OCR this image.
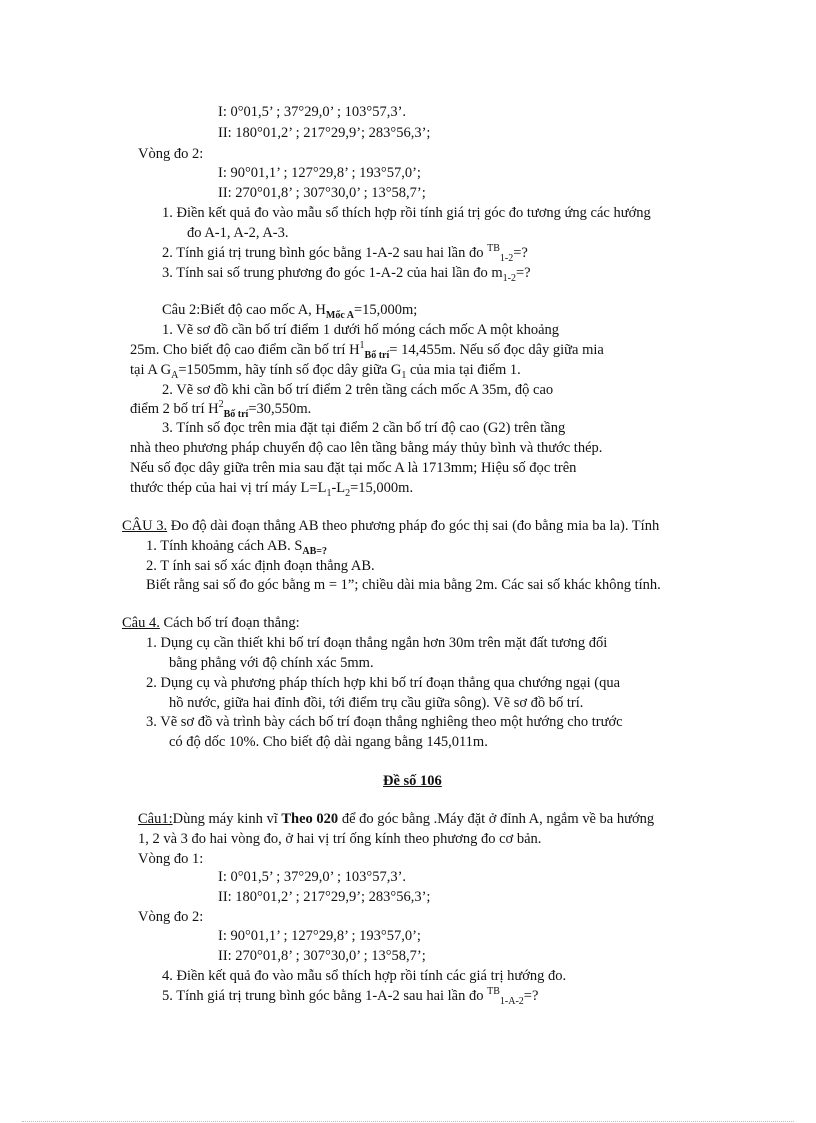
I: 0°01,5’ ; 37°29,0’ ; 103°57,3’.
II: 180°01,2’ ; 217°29,9’; 283°56,3’;
Vòng đo 2:
I: 90°01,1’ ; 127°29,8’ ; 193°57,0’;
II: 270°01,8’ ; 307°30,0’ ; 13°58,7’;
1. Điền kết quả đo vào mẫu sổ thích hợp rồi tính giá trị góc đo tương ứng các hướng
đo A-1, A-2, A-3.
2. Tính giá trị trung bình góc bằng 1-A-2 sau hai lần đo $^{TB}_{1-2}$=?
3. Tính sai số trung phương đo góc 1-A-2 của hai lần đo $m_{1-2}=$?
Câu 2:Biết độ cao mốc A, $H_{Mốc A}=15,000m$;
1. Vẽ sơ đồ cần bố trí điểm 1 dưới hố móng cách mốc A một khoảng
25m. Cho biết độ cao điểm cần bố trí $H^1_{Bố trí}= 14,455m$. Nếu số đọc dây giữa mia
tại A $G_A=1505mm$, hãy tính số đọc dây giữa $G_1$ của mia tại điểm 1.
2. Vẽ sơ đồ khi cần bố trí điểm 2 trên tầng cách mốc A 35m, độ cao
điểm 2 bố trí $H^2_{Bố trí}=30,550m$.
3. Tính số đọc trên mia đặt tại điểm 2 cần bố trí độ cao (G2) trên tầng
nhà theo phương pháp chuyển độ cao lên tầng bằng máy thủy bình và thước thép.
Nếu số đọc dây giữa trên mia sau đặt tại mốc A là 1713mm; Hiệu số đọc trên
thước thép của hai vị trí máy $L=L_1-L_2=15,000m$.
CÂU 3. Đo độ dài đoạn thẳng AB theo phương pháp đo góc thị sai (đo bằng mia ba la). Tính
1. Tính khoảng cách AB. $S_{AB=?}$
2. T ính sai số xác định đoạn thẳng AB.
Biết rằng sai số đo góc bằng m = 1”; chiều dài mia bằng 2m. Các sai số khác không tính.
Câu 4. Cách bố trí đoạn thẳng:
1. Dụng cụ cần thiết khi bố trí đoạn thẳng ngắn hơn 30m trên mặt đất tương đối
bằng phẳng với độ chính xác 5mm.
2. Dụng cụ và phương pháp thích hợp khi bố trí đoạn thẳng qua chướng ngại (qua
hồ nước, giữa hai đỉnh đồi, tới điểm trụ cầu giữa sông). Vẽ sơ đồ bố trí.
3. Vẽ sơ đồ và trình bày cách bố trí đoạn thẳng nghiêng theo một hướng cho trước
có độ dốc 10%. Cho biết độ dài ngang bằng 145,011m.
Đề số 106
Câu1:Dùng máy kinh vĩ Theo 020 để đo góc bằng .Máy đặt ở đỉnh A, ngắm về ba hướng
1, 2 và 3 đo hai vòng đo, ở hai vị trí ống kính theo phương đo cơ bản.
Vòng đo 1:
I: 0°01,5’ ; 37°29,0’ ; 103°57,3’.
II: 180°01,2’ ; 217°29,9’; 283°56,3’;
Vòng đo 2:
I: 90°01,1’ ; 127°29,8’ ; 193°57,0’;
II: 270°01,8’ ; 307°30,0’ ; 13°58,7’;
4. Điền kết quả đo vào mẫu sổ thích hợp rồi tính các giá trị hướng đo.
5. Tính giá trị trung bình góc bằng 1-A-2 sau hai lần đo $^{TB}_{1-A-2}$=?
